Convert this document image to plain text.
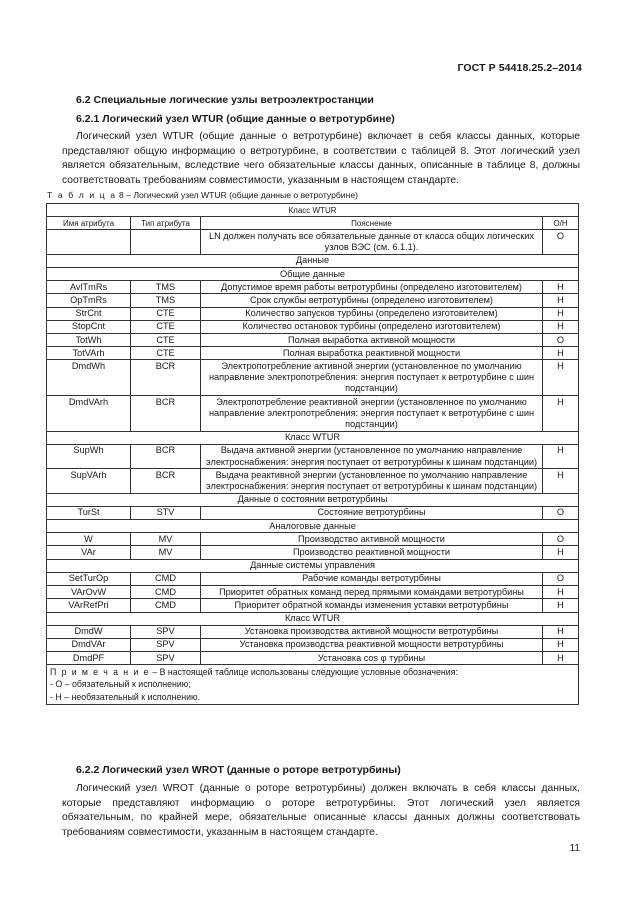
ГОСТ Р 54418.25.2–2014
6.2 Специальные логические узлы ветроэлектростанции
6.2.1 Логический узел WTUR (общие данные о ветротурбине)
Логический узел WTUR (общие данные о ветротурбине) включает в себя классы данных, которые представляют общую информацию о ветротурбине, в соответствии с таблицей 8. Этот логический узел является обязательным, вследствие чего обязательные классы данных, описанные в таблице 8, должны соответствовать требованиям совместимости, указанным в настоящем стандарте.
Т а б л и ц а 8 – Логический узел WTUR (общие данные о ветротурбине)
Класс WTUR			
Имя атрибута	Тип атрибута	Пояснение	О/Н
		LN должен получать все обязательные данные от класса общих логических узлов ВЭС (см. 6.1.1).	О
Данные			
Общие данные			
AvlTmRs	TMS	Допустимое время работы ветротурбины (определено изготовителем)	Н
OpTmRs	TMS	Срок службы ветротурбины (определено изготовителем)	Н
StrCnt	CTE	Количество запусков турбины (определено изготовителем)	Н
StopCnt	CTE	Количество остановок турбины (определено изготовителем)	Н
TotWh	CTE	Полная выработка активной мощности	О
TotVArh	CTE	Полная выработка реактивной мощности	Н
DmdWh	BCR	Электропотребление активной энергии (установленное по умолчанию направление электропотребления: энергия поступает к ветротурбине с шин подстанции)	Н
DmdVArh	BCR	Электропотребление реактивной энергии (установленное по умолчанию направление электропотребления: энергия поступает к ветротурбине с шин подстанции)	Н
Класс WTUR			
SupWh	BCR	Выдача активной энергии (установленное по умолчанию направление электроснабжения: энергия поступает от ветротурбины к шинам подстанции)	Н
SupVArh	BCR	Выдача реактивной энергии (установленное по умолчанию направление электроснабжения: энергия поступает от ветротурбины к шинам подстанции)	Н
Данные о состоянии ветротурбины			
TurSt	STV	Состояние ветротурбины	О
Аналоговые данные			
W	MV	Производство активной мощности	О
VAr	MV	Производство реактивной мощности	Н
Данные системы управления			
SetTurOp	CMD	Рабочие команды ветротурбины	О
VArOvW	CMD	Приоритет обратных команд перед прямыми командами ветротурбины	Н
VArRefPri	CMD	Приоритет обратной команды изменения уставки ветротурбины	Н
Класс WTUR			
DmdW	SPV	Установка производства активной мощности ветротурбины	Н
DmdVAr	SPV	Установка производства реактивной мощности ветротурбины	Н
DmdPF	SPV	Установка cos φ турбины	Н

П р и м е ч а н и е – В настоящей таблице использованы следующие условные обозначения:
- О – обязательный к исполнению;
- Н – необязательный к исполнению.			
6.2.2 Логический узел WROT (данные о роторе ветротурбины)
Логический узел WROT (данные о роторе ветротурбины) должен включать в себя классы данных, которые представляют информацию о роторе ветротурбины. Этот логический узел является обязательным, по крайней мере, обязательные описанные классы данных должны соответствовать требованиям совместимости, указанным в настоящем стандарте.
11
